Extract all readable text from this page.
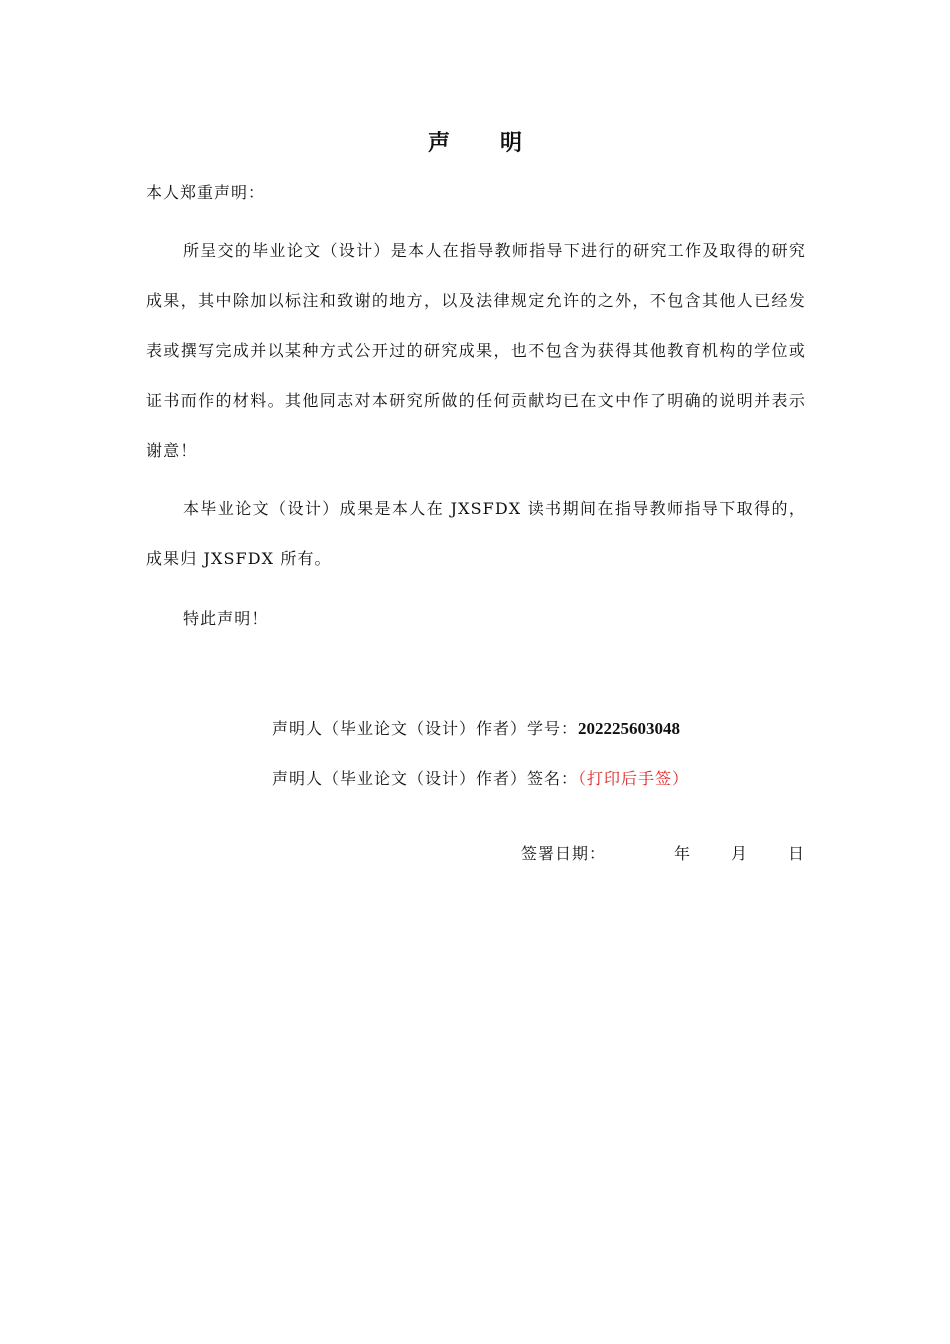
声明
本人郑重声明：
所呈交的毕业论文（设计）是本人在指导教师指导下进行的研究工作及取得的研究成果，其中除加以标注和致谢的地方，以及法律规定允许的之外，不包含其他人已经发表或撰写完成并以某种方式公开过的研究成果，也不包含为获得其他教育机构的学位或证书而作的材料。其他同志对本研究所做的任何贡献均已在文中作了明确的说明并表示谢意！
本毕业论文（设计）成果是本人在 JXSFDX 读书期间在指导教师指导下取得的，成果归 JXSFDX 所有。
特此声明！
声明人（毕业论文（设计）作者）学号：202225603048
声明人（毕业论文（设计）作者）签名：（打印后手签）
签署日期：	年	月	日
